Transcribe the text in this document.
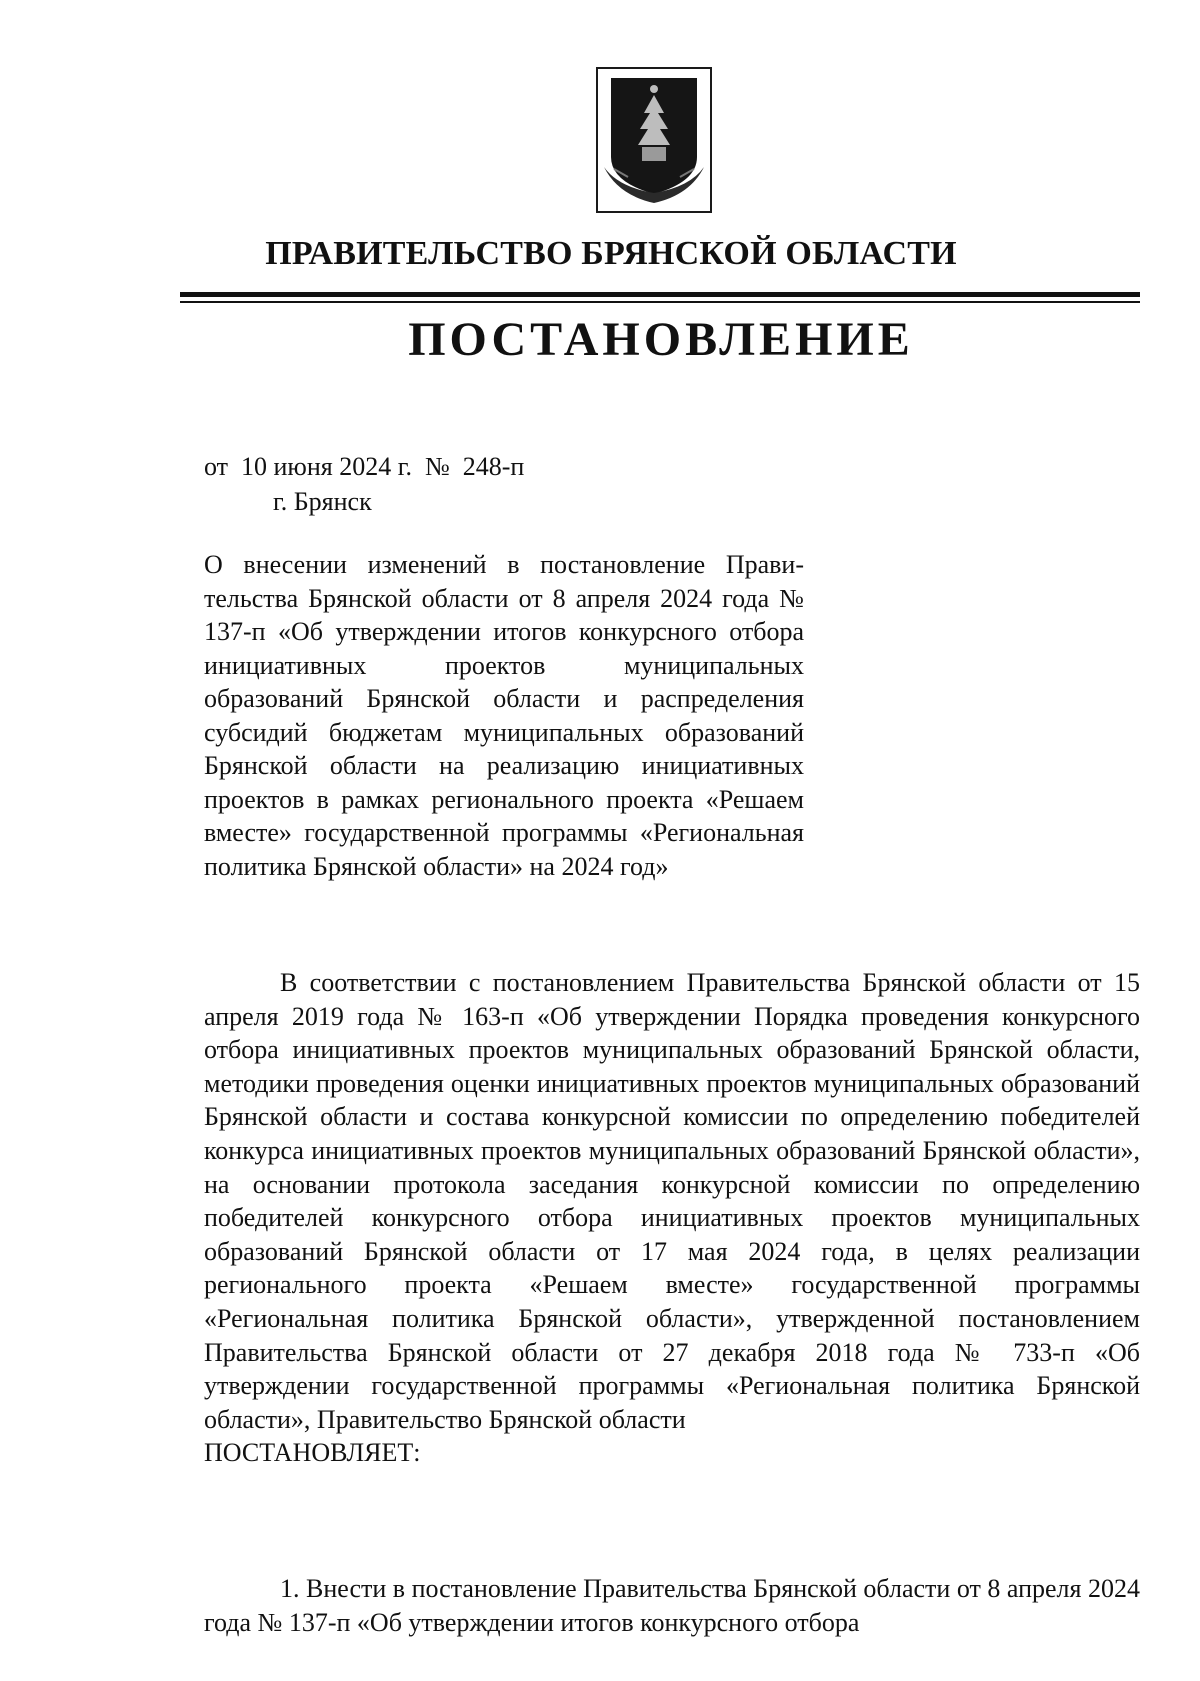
ПРАВИТЕЛЬСТВО БРЯНСКОЙ ОБЛАСТИ
ПОСТАНОВЛЕНИЕ
от  10 июня 2024 г.  №  248-п
г. Брянск
О внесении изменений в постановление Правительства Брянской области от 8 апреля 2024 года № 137-п «Об утверждении итогов конкурсного отбора инициативных проектов муниципальных образований Брянской области и распределения субсидий бюджетам муниципальных образований Брянской области на реализацию инициативных проектов в рамках регионального проекта «Решаем вместе» государственной программы «Региональная политика Брянской области» на 2024 год»

В соответствии с постановлением Правительства Брянской области от 15 апреля 2019 года № 163-п «Об утверждении Порядка проведения конкурсного отбора инициативных проектов муниципальных образований Брянской области, методики проведения оценки инициативных проектов муниципальных образований Брянской области и состава конкурсной комиссии по определению победителей конкурса инициативных проектов муниципальных образований Брянской области», на основании протокола заседания конкурсной комиссии по определению победителей конкурсного отбора инициативных проектов муниципальных образований Брянской области от 17 мая 2024 года, в целях реализации регионального проекта «Решаем вместе» государственной программы «Региональная политика Брянской области», утвержденной постановлением Правительства Брянской области от 27 декабря 2018 года № 733-п «Об утверждении государственной программы «Региональная политика Брянской области», Правительство Брянской области

ПОСТАНОВЛЯЕТ:

1. Внести в постановление Правительства Брянской области от 8 апреля 2024 года № 137-п «Об утверждении итогов конкурсного отбора
